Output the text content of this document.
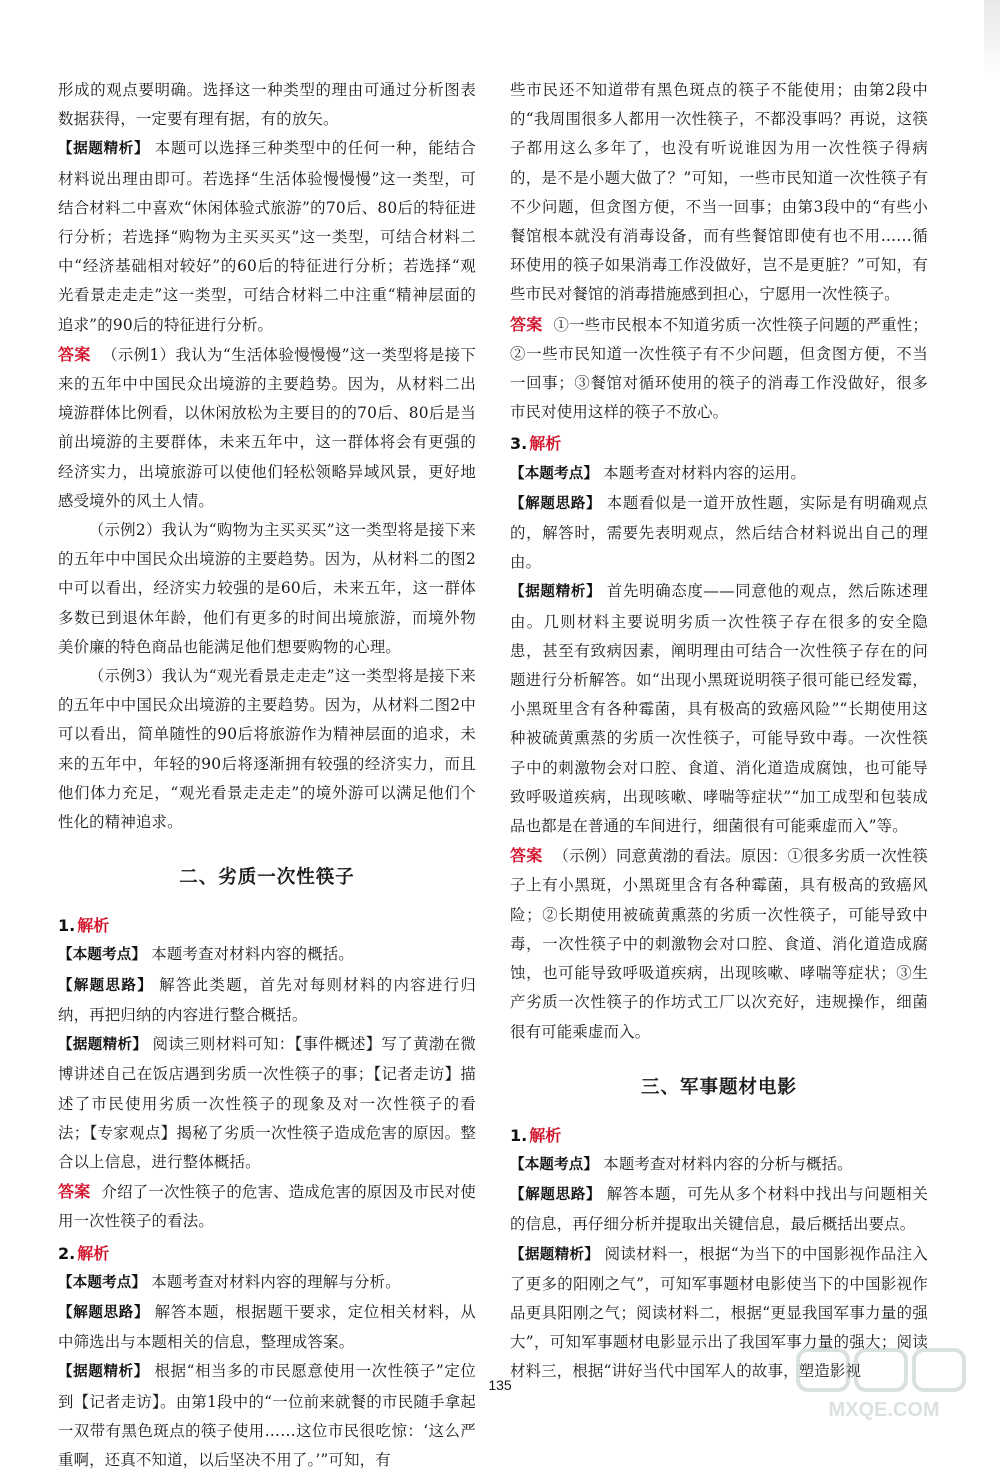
形成的观点要明确。选择这一种类型的理由可通过分析图表数据获得，一定要有理有据，有的放矢。

【据题精析】 本题可以选择三种类型中的任何一种，能结合材料说出理由即可。若选择“生活体验慢慢慢”这一类型，可结合材料二中喜欢“休闲体验式旅游”的70后、80后的特征进行分析；若选择“购物为主买买买”这一类型，可结合材料二中“经济基础相对较好”的60后的特征进行分析；若选择“观光看景走走走”这一类型，可结合材料二中注重“精神层面的追求”的90后的特征进行分析。

答案 （示例1）我认为“生活体验慢慢慢”这一类型将是接下来的五年中中国民众出境游的主要趋势。因为，从材料二出境游群体比例看，以休闲放松为主要目的的70后、80后是当前出境游的主要群体，未来五年中，这一群体将会有更强的经济实力，出境旅游可以使他们轻松领略异域风景，更好地感受境外的风土人情。

（示例2）我认为“购物为主买买买”这一类型将是接下来的五年中中国民众出境游的主要趋势。因为，从材料二的图2中可以看出，经济实力较强的是60后，未来五年，这一群体多数已到退休年龄，他们有更多的时间出境旅游，而境外物美价廉的特色商品也能满足他们想要购物的心理。

（示例3）我认为“观光看景走走走”这一类型将是接下来的五年中中国民众出境游的主要趋势。因为，从材料二图2中可以看出，简单随性的90后将旅游作为精神层面的追求，未来的五年中，年轻的90后将逐渐拥有较强的经济实力，而且他们体力充足，“观光看景走走走”的境外游可以满足他们个性化的精神追求。

二、劣质一次性筷子
1. 解析

【本题考点】 本题考查对材料内容的概括。

【解题思路】 解答此类题，首先对每则材料的内容进行归纳，再把归纳的内容进行整合概括。

【据题精析】 阅读三则材料可知：【事件概述】写了黄渤在微博讲述自己在饭店遇到劣质一次性筷子的事；【记者走访】描述了市民使用劣质一次性筷子的现象及对一次性筷子的看法；【专家观点】揭秘了劣质一次性筷子造成危害的原因。整合以上信息，进行整体概括。

答案 介绍了一次性筷子的危害、造成危害的原因及市民对使用一次性筷子的看法。

2. 解析

【本题考点】 本题考查对材料内容的理解与分析。

【解题思路】 解答本题，根据题干要求，定位相关材料，从中筛选出与本题相关的信息，整理成答案。

【据题精析】 根据“相当多的市民愿意使用一次性筷子”定位到【记者走访】。由第1段中的“一位前来就餐的市民随手拿起一双带有黑色斑点的筷子使用……这位市民很吃惊：‘这么严重啊，还真不知道，以后坚决不用了。’”可知，有

些市民还不知道带有黑色斑点的筷子不能使用；由第2段中的“我周围很多人都用一次性筷子，不都没事吗？再说，这筷子都用这么多年了，也没有听说谁因为用一次性筷子得病的，是不是小题大做了？”可知，一些市民知道一次性筷子有不少问题，但贪图方便，不当一回事；由第3段中的“有些小餐馆根本就没有消毒设备，而有些餐馆即使有也不用……循环使用的筷子如果消毒工作没做好，岂不是更脏？”可知，有些市民对餐馆的消毒措施感到担心，宁愿用一次性筷子。

答案 ①一些市民根本不知道劣质一次性筷子问题的严重性；②一些市民知道一次性筷子有不少问题，但贪图方便，不当一回事；③餐馆对循环使用的筷子的消毒工作没做好，很多市民对使用这样的筷子不放心。

3. 解析

【本题考点】 本题考查对材料内容的运用。

【解题思路】 本题看似是一道开放性题，实际是有明确观点的，解答时，需要先表明观点，然后结合材料说出自己的理由。

【据题精析】 首先明确态度——同意他的观点，然后陈述理由。几则材料主要说明劣质一次性筷子存在很多的安全隐患，甚至有致病因素，阐明理由可结合一次性筷子存在的问题进行分析解答。如“出现小黑斑说明筷子很可能已经发霉，小黑斑里含有各种霉菌，具有极高的致癌风险”“长期使用这种被硫黄熏蒸的劣质一次性筷子，可能导致中毒。一次性筷子中的刺激物会对口腔、食道、消化道造成腐蚀，也可能导致呼吸道疾病，出现咳嗽、哮喘等症状”“加工成型和包装成品也都是在普通的车间进行，细菌很有可能乘虚而入”等。

答案 （示例）同意黄渤的看法。原因：①很多劣质一次性筷子上有小黑斑，小黑斑里含有各种霉菌，具有极高的致癌风险；②长期使用被硫黄熏蒸的劣质一次性筷子，可能导致中毒，一次性筷子中的刺激物会对口腔、食道、消化道造成腐蚀，也可能导致呼吸道疾病，出现咳嗽、哮喘等症状；③生产劣质一次性筷子的作坊式工厂以次充好，违规操作，细菌很有可能乘虚而入。

三、军事题材电影
1. 解析

【本题考点】 本题考查对材料内容的分析与概括。

【解题思路】 解答本题，可先从多个材料中找出与问题相关的信息，再仔细分析并提取出关键信息，最后概括出要点。

【据题精析】 阅读材料一，根据“为当下的中国影视作品注入了更多的阳刚之气”，可知军事题材电影使当下的中国影视作品更具阳刚之气；阅读材料二，根据“更显我国军事力量的强大”，可知军事题材电影显示出了我国军事力量的强大；阅读材料三，根据“讲好当代中国军人的故事，塑造影视

135
MXQE.COM
